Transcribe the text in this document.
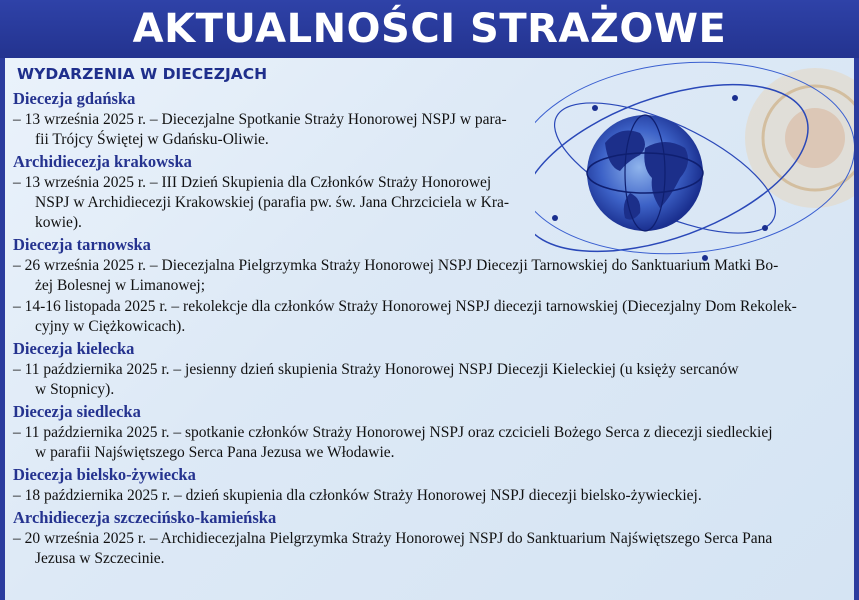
AKTUALNOŚCI STRAŻOWE
WYDARZENIA W DIECEZJACH
Diecezja gdańska
– 13 września 2025 r. – Diecezjalne Spotkanie Straży Honorowej NSPJ w para-
fii Trójcy Świętej w Gdańsku-Oliwie.
Archidiecezja krakowska
– 13 września 2025 r. – III Dzień Skupienia dla Członków Straży Honorowej
NSPJ w Archidiecezji Krakowskiej (parafia pw. św. Jana Chrzciciela w Kra-
kowie).
Diecezja tarnowska
– 26 września 2025 r. – Diecezjalna Pielgrzymka Straży Honorowej NSPJ Diecezji Tarnowskiej do Sanktuarium Matki Bo-
żej Bolesnej w Limanowej;
– 14-16 listopada 2025 r. – rekolekcje dla członków Straży Honorowej NSPJ diecezji tarnowskiej (Diecezjalny Dom Rekolek-
cyjny w Ciężkowicach).
Diecezja kielecka
– 11 października 2025 r. – jesienny dzień skupienia Straży Honorowej NSPJ Diecezji Kieleckiej (u księży sercanów
w Stopnicy).
Diecezja siedlecka
– 11 października 2025 r. – spotkanie członków Straży Honorowej NSPJ oraz czcicieli Bożego Serca z diecezji siedleckiej
w parafii Najświętszego Serca Pana Jezusa we Włodawie.
Diecezja bielsko-żywiecka
– 18 października 2025 r. – dzień skupienia dla członków Straży Honorowej NSPJ diecezji bielsko-żywieckiej.
Archidiecezja szczecińsko-kamieńska
– 20 września 2025 r. – Archidiecezjalna Pielgrzymka Straży Honorowej NSPJ do Sanktuarium Najświętszego Serca Pana
Jezusa w Szczecinie.
